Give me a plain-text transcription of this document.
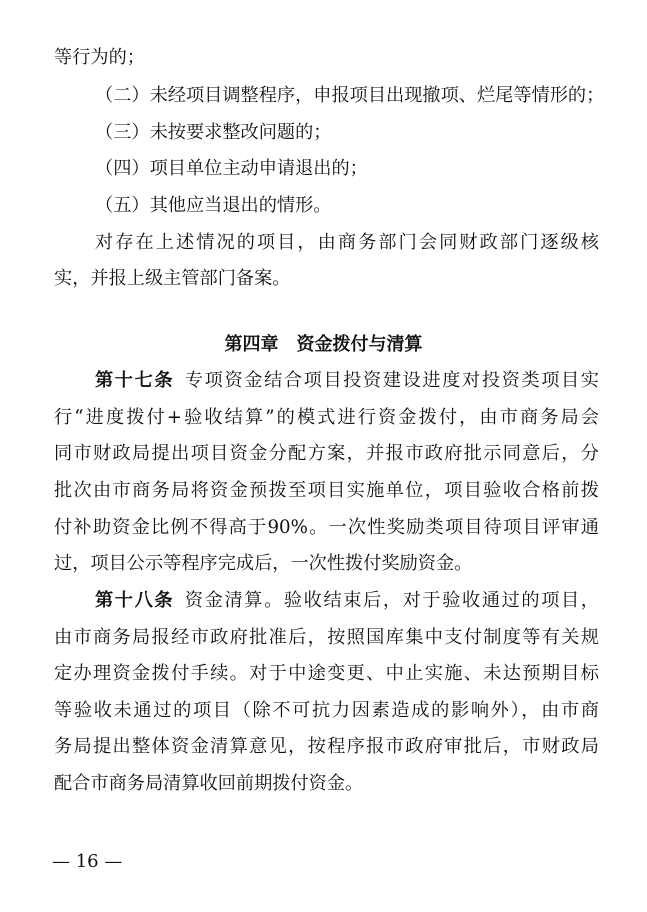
等行为的；
（二）未经项目调整程序，申报项目出现撤项、烂尾等情形的；
（三）未按要求整改问题的；
（四）项目单位主动申请退出的；
（五）其他应当退出的情形。
对存在上述情况的项目，由商务部门会同财政部门逐级核
实，并报上级主管部门备案。
第四章　资金拨付与清算
第十七条  专项资金结合项目投资建设进度对投资类项目实
行“进度拨付+验收结算”的模式进行资金拨付，由市商务局会
同市财政局提出项目资金分配方案，并报市政府批示同意后，分
批次由市商务局将资金预拨至项目实施单位，项目验收合格前拨
付补助资金比例不得高于90%。一次性奖励类项目待项目评审通
过，项目公示等程序完成后，一次性拨付奖励资金。
第十八条  资金清算。验收结束后，对于验收通过的项目，
由市商务局报经市政府批准后，按照国库集中支付制度等有关规
定办理资金拨付手续。对于中途变更、中止实施、未达预期目标
等验收未通过的项目（除不可抗力因素造成的影响外），由市商
务局提出整体资金清算意见，按程序报市政府审批后，市财政局
配合市商务局清算收回前期拨付资金。
— 16 —
